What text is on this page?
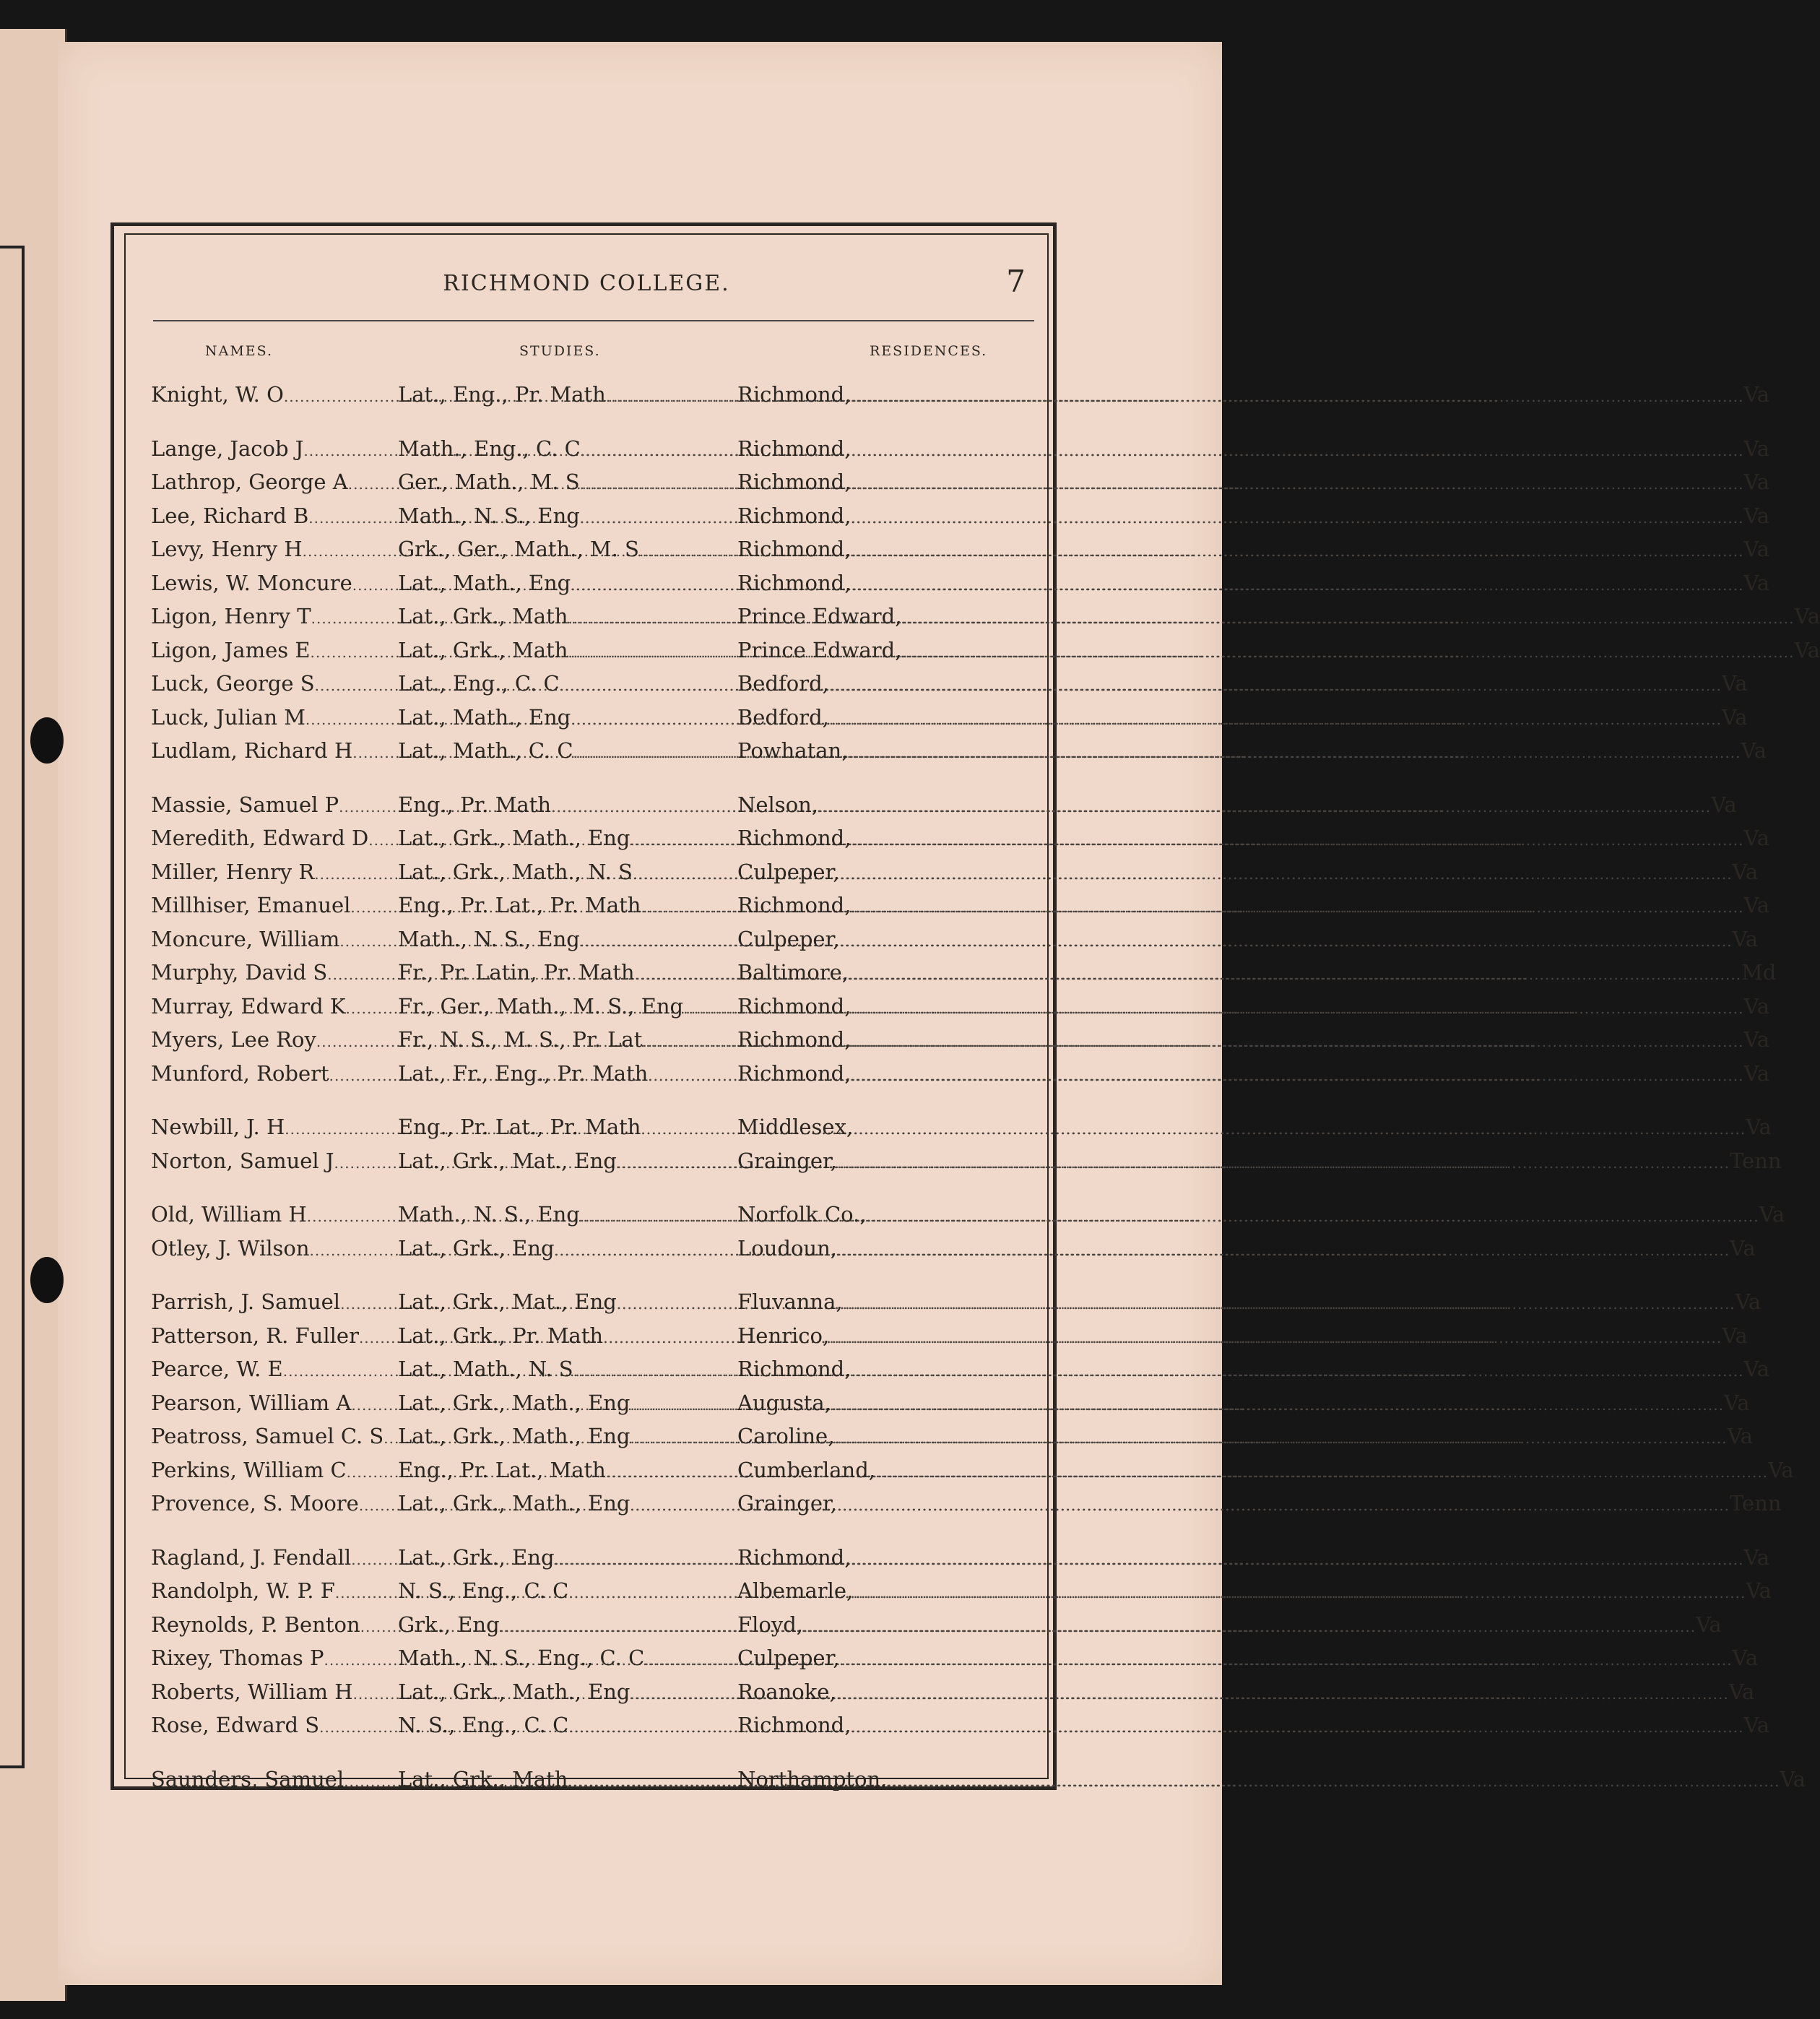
RICHMOND COLLEGE.	7
NAMES.	STUDIES.	RESIDENCES.
Knight, W. O .....	Lat., Eng., Pr. Math .....	Richmond, .....	Va
Lange, Jacob J .....	Math., Eng., C. C .....	Richmond, .....	Va
Lathrop, George A ..... Ger., Math., M. S .....	Richmond, .....	Va
Lee, Richard B .....	Math., N. S., Eng .....	Richmond, .....	Va
Levy, Henry H .....	Grk., Ger., Math., M. S .....	Richmond, .....	Va
Lewis, W. Moncure ..... Lat., Math., Eng .....	Richmond, .....	Va
Ligon, Henry T .....	Lat., Grk., Math .....	Prince Edward, .....	Va
Ligon, James E .....	Lat., Grk., Math .....	Prince Edward, .....	Va
Luck, George S .....	Lat., Eng., C. C .....	Bedford, .....	Va
Luck, Julian M .....	Lat., Math., Eng .....	Bedford, .....	Va
Ludlam, Richard H ..... Lat., Math., C. C .....	Powhatan, .....	Va
Massie, Samuel P .....	Eng., Pr. Math .....	Nelson, .....	Va
Meredith, Edward D ..... Lat., Grk., Math., Eng .....	Richmond, .....	Va
Miller, Henry R .....	Lat., Grk., Math., N. S .....	Culpeper, .....	Va
Millhiser, Emanuel ..... Eng., Pr. Lat., Pr. Math .....	Richmond, .....	Va
Moncure, William .....	Math., N. S., Eng .....	Culpeper, .....	Va
Murphy, David S .....	Fr., Pr. Latin, Pr. Math .....	Baltimore, .....	Md
Murray, Edward K ..... Fr., Ger., Math., M. S., Eng .....	Richmond, .....	Va
Myers, Lee Roy .....	Fr., N. S., M. S., Pr. Lat .....	Richmond, .....	Va
Munford, Robert .....	Lat., Fr., Eng., Pr. Math .....	Richmond, .....	Va
Newbill, J. H .....	Eng., Pr. Lat., Pr. Math .....	Middlesex, .....	Va
Norton, Samuel J .....	Lat., Grk., Mat., Eng .....	Grainger, .....	Tenn
Old, William H .....	Math., N. S., Eng .....	Norfolk Co., .....	Va
Otley, J. Wilson .....	Lat., Grk., Eng .....	Loudoun, .....	Va
Parrish, J. Samuel .....	Lat., Grk., Mat., Eng .....	Fluvanna, .....	Va
Patterson, R. Fuller ..... Lat., Grk., Pr. Math .....	Henrico, .....	Va
Pearce, W. E .....	Lat., Math., N. S .....	Richmond, .....	Va
Pearson, William A ..... Lat., Grk., Math., Eng .....	Augusta, .....	Va
Peatross, Samuel C. S ..... Lat., Grk., Math., Eng .....	Caroline, .....	Va
Perkins, William C ..... Eng., Pr. Lat., Math .....	Cumberland, .....	Va
Provence, S. Moore ..... Lat., Grk., Math., Eng .....	Grainger, .....	Tenn
Ragland, J. Fendall ..... Lat., Grk., Eng .....	Richmond, .....	Va
Randolph, W. P. F .....	N. S., Eng., C. C .....	Albemarle, .....	Va
Reynolds, P. Benton ..... Grk., Eng .....	Floyd, .....	Va
Rixey, Thomas P .....	Math., N. S., Eng., C. C .....	Culpeper, .....	Va
Roberts, William H ..... Lat., Grk., Math., Eng .....	Roanoke, .....	Va
Rose, Edward S .....	N. S., Eng., C. C .....	Richmond, .....	Va
Saunders, Samuel .....	Lat., Grk., Math .....	Northampton, .....	Va
